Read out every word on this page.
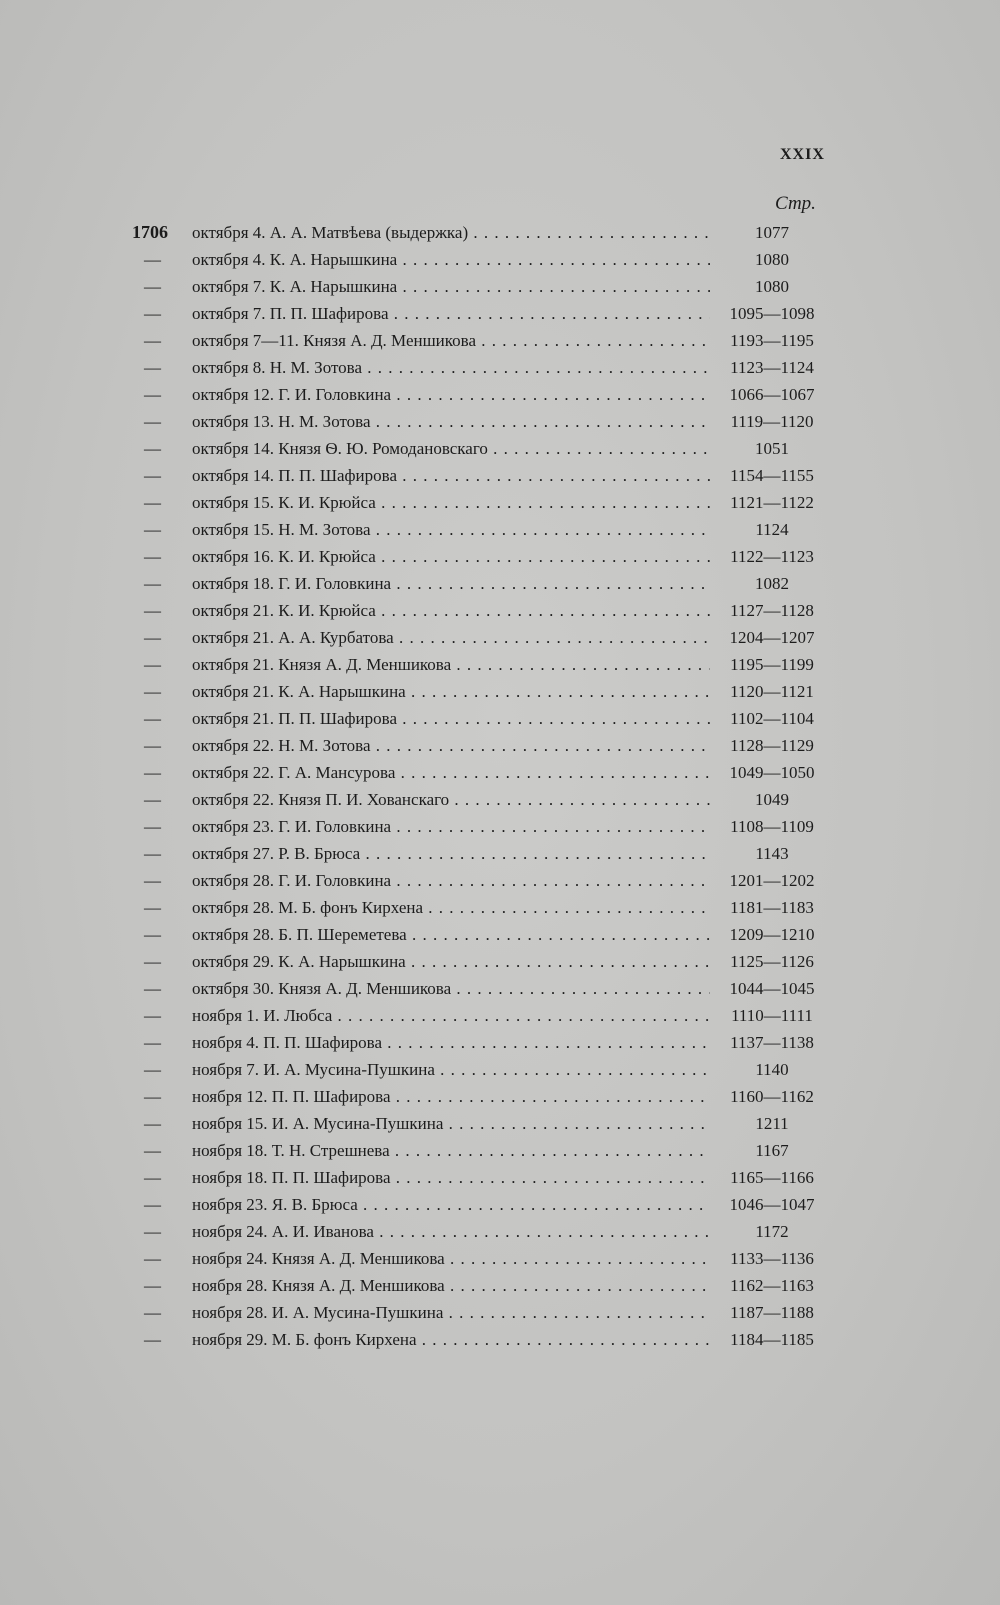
XXIX
Стр.
1706	октября 4. А. А. Матвѣева (выдержка) . . .	1077
—	октября 4. К. А. Нарышкина . . .	1080
—	октября 7. К. А. Нарышкина . . .	1080
—	октября 7. П. П. Шафирова . . .	1095—1098
—	октября 7—11. Князя А. Д. Меншикова . . .	1193—1195
—	октября 8. Н. М. Зотова . . .	1123—1124
—	октября 12. Г. И. Головкина . . .	1066—1067
—	октября 13. Н. М. Зотова . . .	1119—1120
—	октября 14. Князя Ѳ. Ю. Ромодановскаго . . .	1051
—	октября 14. П. П. Шафирова . . .	1154—1155
—	октября 15. К. И. Крюйса . . .	1121—1122
—	октября 15. Н. М. Зотова . . .	1124
—	октября 16. К. И. Крюйса . . .	1122—1123
—	октября 18. Г. И. Головкина . . .	1082
—	октября 21. К. И. Крюйса . . .	1127—1128
—	октября 21. А. А. Курбатова . . .	1204—1207
—	октября 21. Князя А. Д. Меншикова . . .	1195—1199
—	октября 21. К. А. Нарышкина . . .	1120—1121
—	октября 21. П. П. Шафирова . . .	1102—1104
—	октября 22. Н. М. Зотова . . .	1128—1129
—	октября 22. Г. А. Мансурова . . .	1049—1050
—	октября 22. Князя П. И. Хованскаго . . .	1049
—	октября 23. Г. И. Головкина . . .	1108—1109
—	октября 27. Р. В. Брюса . . .	1143
—	октября 28. Г. И. Головкина . . .	1201—1202
—	октября 28. М. Б. фонъ Кирхена . . .	1181—1183
—	октября 28. Б. П. Шереметева . . .	1209—1210
—	октября 29. К. А. Нарышкина . . .	1125—1126
—	октября 30. Князя А. Д. Меншикова . . .	1044—1045
—	ноября 1. И. Любса . . .	1110—1111
—	ноября 4. П. П. Шафирова . . .	1137—1138
—	ноября 7. И. А. Мусина-Пушкина . . .	1140
—	ноября 12. П. П. Шафирова . . .	1160—1162
—	ноября 15. И. А. Мусина-Пушкина . . .	1211
—	ноября 18. Т. Н. Стрешнева . . .	1167
—	ноября 18. П. П. Шафирова . . .	1165—1166
—	ноября 23. Я. В. Брюса . . .	1046—1047
—	ноября 24. А. И. Иванова . . .	1172
—	ноября 24. Князя А. Д. Меншикова . . .	1133—1136
—	ноября 28. Князя А. Д. Меншикова . . .	1162—1163
—	ноября 28. И. А. Мусина-Пушкина . . .	1187—1188
—	ноября 29. М. Б. фонъ Кирхена . . .	1184—1185
